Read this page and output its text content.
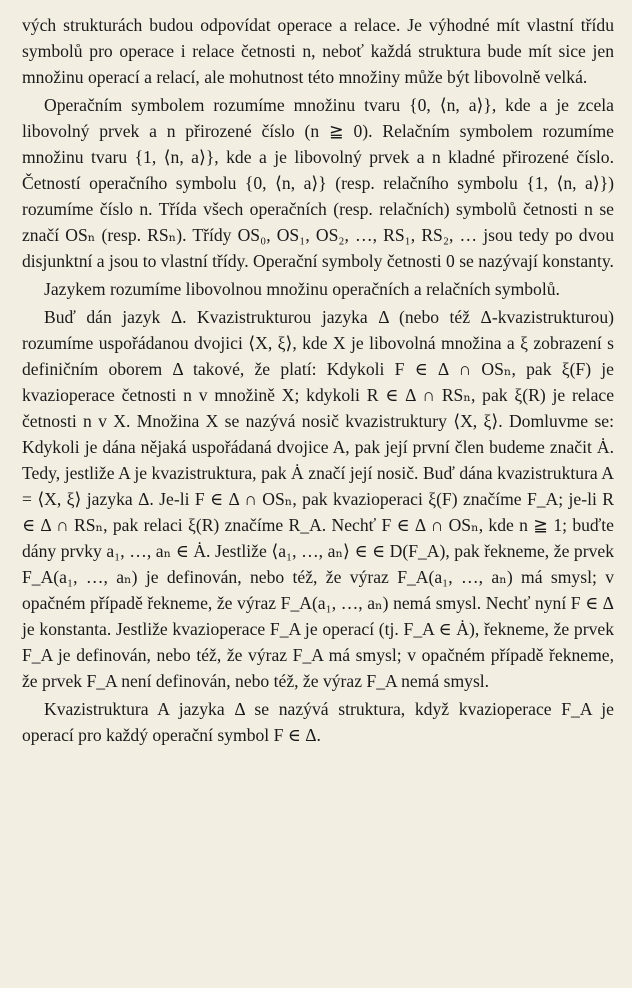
vých strukturách budou odpovídat operace a relace. Je výhodné mít vlastní třídu symbolů pro operace i relace četnosti n, neboť každá struktura bude mít sice jen množinu operací a relací, ale mohutnost této množiny může být libovolně velká.

Operačním symbolem rozumíme množinu tvaru {0, ⟨n, a⟩}, kde a je zcela libovolný prvek a n přirozené číslo (n ≧ 0). Relačním symbolem rozumíme množinu tvaru {1, ⟨n, a⟩}, kde a je libovolný prvek a n kladné přirozené číslo. Četností operačního symbolu {0, ⟨n, a⟩} (resp. relačního symbolu {1, ⟨n, a⟩}) rozumíme číslo n. Třída všech operačních (resp. relačních) symbolů četnosti n se značí OSₙ (resp. RSₙ). Třídy OS₀, OS₁, OS₂, …, RS₁, RS₂, … jsou tedy po dvou disjunktní a jsou to vlastní třídy. Operační symboly četnosti 0 se nazývají konstanty.

Jazykem rozumíme libovolnou množinu operačních a relačních symbolů.

Buď dán jazyk Δ. Kvazistrukturou jazyka Δ (nebo též Δ-kvazistrukturou) rozumíme uspořádanou dvojici ⟨X, ξ⟩, kde X je libovolná množina a ξ zobrazení s definičním oborem Δ takové, že platí: Kdykoli F ∈ Δ ∩ OSₙ, pak ξ(F) je kvazioperace četnosti n v množině X; kdykoli R ∈ Δ ∩ RSₙ, pak ξ(R) je relace četnosti n v X. Množina X se nazývá nosič kvazistruktury ⟨X, ξ⟩. Domluvme se: Kdykoli je dána nějaká uspořádaná dvojice A, pak její první člen budeme značit Ȧ. Tedy, jestliže A je kvazistruktura, pak Ȧ značí její nosič. Buď dána kvazistruktura A = ⟨X, ξ⟩ jazyka Δ. Je-li F ∈ Δ ∩ OSₙ, pak kvazioperaci ξ(F) značíme F_A; je-li R ∈ Δ ∩ RSₙ, pak relaci ξ(R) značíme R_A. Nechť F ∈ Δ ∩ OSₙ, kde n ≧ 1; buďte dány prvky a₁, …, aₙ ∈ Ȧ. Jestliže ⟨a₁, …, aₙ⟩ ∈ ∈ D(F_A), pak řekneme, že prvek F_A(a₁, …, aₙ) je definován, nebo též, že výraz F_A(a₁, …, aₙ) má smysl; v opačném případě řekneme, že výraz F_A(a₁, …, aₙ) nemá smysl. Nechť nyní F ∈ Δ je konstanta. Jestliže kvazioperace F_A je operací (tj. F_A ∈ Ȧ), řekneme, že prvek F_A je definován, nebo též, že výraz F_A má smysl; v opačném případě řekneme, že prvek F_A není definován, nebo též, že výraz F_A nemá smysl.

Kvazistruktura A jazyka Δ se nazývá struktura, když kvazioperace F_A je operací pro každý operační symbol F ∈ Δ.
